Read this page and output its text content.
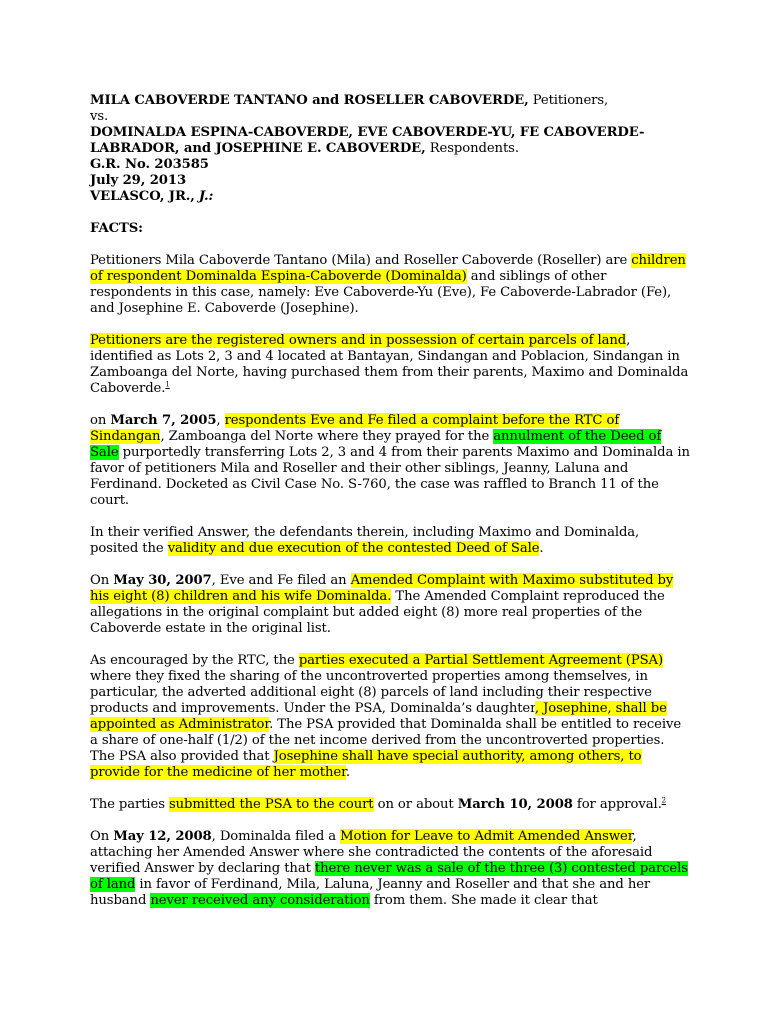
MILA CABOVERDE TANTANO and ROSELLER CABOVERDE, Petitioners,

vs.

DOMINALDA ESPINA-CABOVERDE, EVE CABOVERDE-YU, FE CABOVERDE-LABRADOR, and JOSEPHINE E. CABOVERDE, Respondents.

G.R. No. 203585

July 29, 2013

VELASCO, JR., J.:

FACTS:

Petitioners Mila Caboverde Tantano (Mila) and Roseller Caboverde (Roseller) are children of respondent Dominalda Espina-Caboverde (Dominalda) and siblings of other respondents in this case, namely: Eve Caboverde-Yu (Eve), Fe Caboverde-Labrador (Fe), and Josephine E. Caboverde (Josephine).

Petitioners are the registered owners and in possession of certain parcels of land, identified as Lots 2, 3 and 4 located at Bantayan, Sindangan and Poblacion, Sindangan in Zamboanga del Norte, having purchased them from their parents, Maximo and Dominalda Caboverde.$^1$

on March 7, 2005, respondents Eve and Fe filed a complaint before the RTC of Sindangan, Zamboanga del Norte where they prayed for the annulment of the Deed of Sale purportedly transferring Lots 2, 3 and 4 from their parents Maximo and Dominalda in favor of petitioners Mila and Roseller and their other siblings, Jeanny, Laluna and Ferdinand. Docketed as Civil Case No. S-760, the case was raffled to Branch 11 of the court.

In their verified Answer, the defendants therein, including Maximo and Dominalda, posited the validity and due execution of the contested Deed of Sale.

On May 30, 2007, Eve and Fe filed an Amended Complaint with Maximo substituted by his eight (8) children and his wife Dominalda. The Amended Complaint reproduced the allegations in the original complaint but added eight (8) more real properties of the Caboverde estate in the original list.

As encouraged by the RTC, the parties executed a Partial Settlement Agreement (PSA) where they fixed the sharing of the uncontroverted properties among themselves, in particular, the adverted additional eight (8) parcels of land including their respective products and improvements. Under the PSA, Dominalda’s daughter, Josephine, shall be appointed as Administrator. The PSA provided that Dominalda shall be entitled to receive a share of one-half (1/2) of the net income derived from the uncontroverted properties. The PSA also provided that Josephine shall have special authority, among others, to provide for the medicine of her mother.

The parties submitted the PSA to the court on or about March 10, 2008 for approval.$^2$

On May 12, 2008, Dominalda filed a Motion for Leave to Admit Amended Answer, attaching her Amended Answer where she contradicted the contents of the aforesaid verified Answer by declaring that there never was a sale of the three (3) contested parcels of land in favor of Ferdinand, Mila, Laluna, Jeanny and Roseller and that she and her husband never received any consideration from them. She made it clear that
